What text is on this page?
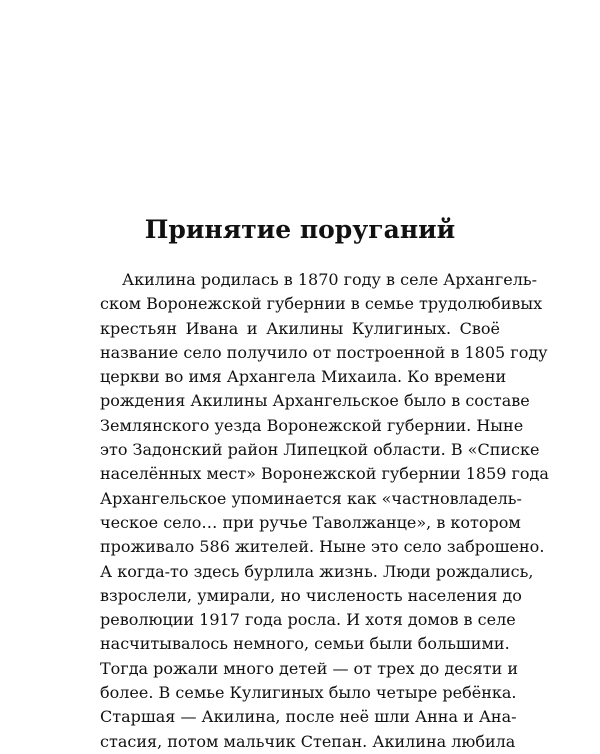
Принятие поруганий
Акилина родилась в 1870 году в селе Архангель-
ском Воронежской губернии в семье трудолюбивых
крестьян Ивана и Акилины Кулигиных. Своё
название село получило от построенной в 1805 году
церкви во имя Архангела Михаила. Ко времени
рождения Акилины Архангельское было в составе
Землянского уезда Воронежской губернии. Ныне
это Задонский район Липецкой области. В «Списке
населённых мест» Воронежской губернии 1859 года
Архангельское упоминается как «частновладель-
ческое село… при ручье Таволжанце», в котором
проживало 586 жителей. Ныне это село заброшено.
А когда-то здесь бурлила жизнь. Люди рождались,
взрослели, умирали, но численость населения до
революции 1917 года росла. И хотя домов в селе
насчитывалось немного, семьи были большими.
Тогда рожали много детей — от трех до десяти и
более. В семье Кулигиных было четыре ребёнка.
Старшая — Акилина, после неё шли Анна и Ана-
стасия, потом мальчик Степан. Акилина любила
